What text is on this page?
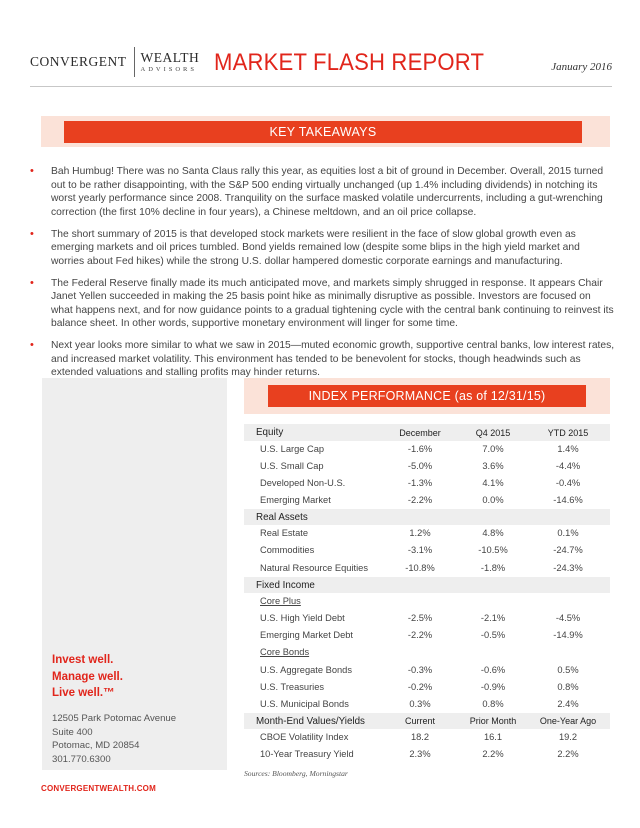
CONVERGENT	WEALTH
ADVISORS MARKET FLASH REPORT	January 2016
KEY TAKEAWAYS
• Bah Humbug! There was no Santa Claus rally this year, as equities lost a bit of ground in December. Overall, 2015 turned out to be rather disappointing, with the S&P 500 ending virtually unchanged (up 1.4% including dividends) in notching its worst yearly performance since 2008. Tranquility on the surface masked volatile undercurrents, including a gut-wrenching correction (the first 10% decline in four years), a Chinese meltdown, and an oil price collapse.
• The short summary of 2015 is that developed stock markets were resilient in the face of slow global growth even as emerging markets and oil prices tumbled. Bond yields remained low (despite some blips in the high yield market and worries about Fed hikes) while the strong U.S. dollar hampered domestic corporate earnings and manufacturing.
• The Federal Reserve finally made its much anticipated move, and markets simply shrugged in response. It appears Chair Janet Yellen succeeded in making the 25 basis point hike as minimally disruptive as possible. Investors are focused on what happens next, and for now guidance points to a gradual tightening cycle with the central bank continuing to reinvest its balance sheet. In other words, supportive monetary environment will linger for some time.
• Next year looks more similar to what we saw in 2015—muted economic growth, supportive central banks, low interest rates, and increased market volatility. This environment has tended to be benevolent for stocks, though headwinds such as extended valuations and stalling profits may hinder returns.
Invest well.
Manage well.
Live well.™
12505 Park Potomac Avenue
Suite 400
Potomac, MD 20854
301.770.6300
CONVERGENTWEALTH.COM
INDEX PERFORMANCE (as of 12/31/15)
Equity	December	Q4 2015	YTD 2015
U.S. Large Cap	-1.6%	7.0%	1.4%
U.S. Small Cap	-5.0%	3.6%	-4.4%
Developed Non-U.S.	-1.3%	4.1%	-0.4%
Emerging Market	-2.2%	0.0%	-14.6%
Real Assets
Real Estate	1.2%	4.8%	0.1%
Commodities	-3.1%	-10.5%	-24.7%
Natural Resource Equities	-10.8%	-1.8%	-24.3%
Fixed Income
Core Plus
U.S. High Yield Debt	-2.5%	-2.1%	-4.5%
Emerging Market Debt	-2.2%	-0.5%	-14.9%
Core Bonds
U.S. Aggregate Bonds	-0.3%	-0.6%	0.5%
U.S. Treasuries	-0.2%	-0.9%	0.8%
U.S. Municipal Bonds	0.3%	0.8%	2.4%
Month-End Values/Yields	Current	Prior Month	One-Year Ago
CBOE Volatility Index	18.2	16.1	19.2
10-Year Treasury Yield	2.3%	2.2%	2.2%
Sources: Bloomberg, Morningstar
